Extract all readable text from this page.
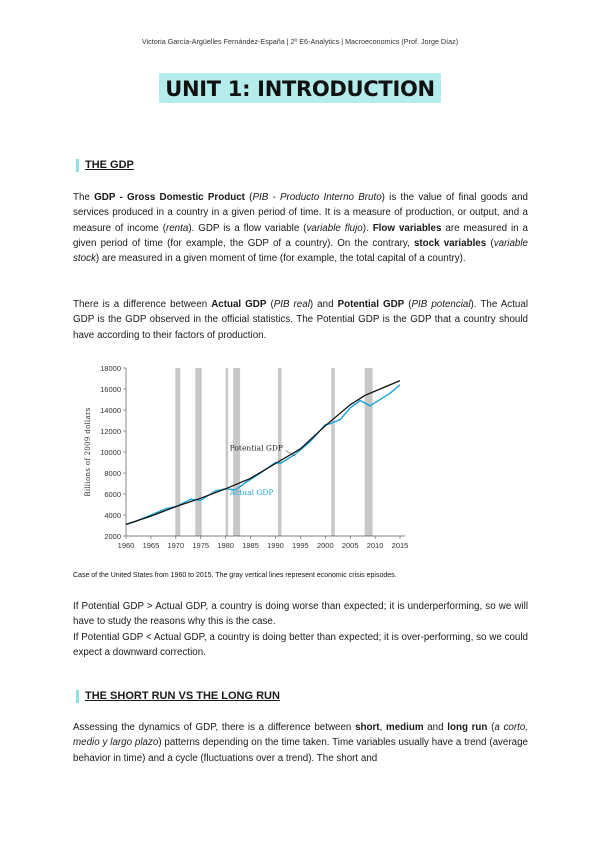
Victoria García-Argüelles Fernández-España | 2º E6-Analytics | Macroeconomics (Prof. Jorge Díaz)
UNIT 1: INTRODUCTION
THE GDP

The GDP - Gross Domestic Product (PIB - Producto Interno Bruto) is the value of final goods and services produced in a country in a given period of time. It is a measure of production, or output, and a measure of income (renta). GDP is a flow variable (variable flujo). Flow variables are measured in a given period of time (for example, the GDP of a country). On the contrary, stock variables (variable stock) are measured in a given moment of time (for example, the total capital of a country).

There is a difference between Actual GDP (PIB real) and Potential GDP (PIB potencial). The Actual GDP is the GDP observed in the official statistics. The Potential GDP is the GDP that a country should have according to their factors of production.

2000
4000
6000
8000
10000
12000
14000
16000
18000
1960 1965 1970 1975 1980 1985 1990 1995 2000 2005 2010 2015
Billions of 2009 dollars	Potential GDP
Actual GDP
Case of the United States from 1960 to 2015. The gray vertical lines represent economic crisis episodes.

If Potential GDP > Actual GDP, a country is doing worse than expected; it is underperforming, so we will have to study the reasons why this is the case.

If Potential GDP < Actual GDP, a country is doing better than expected; it is over-performing, so we could expect a downward correction.

THE SHORT RUN VS THE LONG RUN

Assessing the dynamics of GDP, there is a difference between short, medium and long run (a corto, medio y largo plazo) patterns depending on the time taken. Time variables usually have a trend (average behavior in time) and a cycle (fluctuations over a trend). The short and
